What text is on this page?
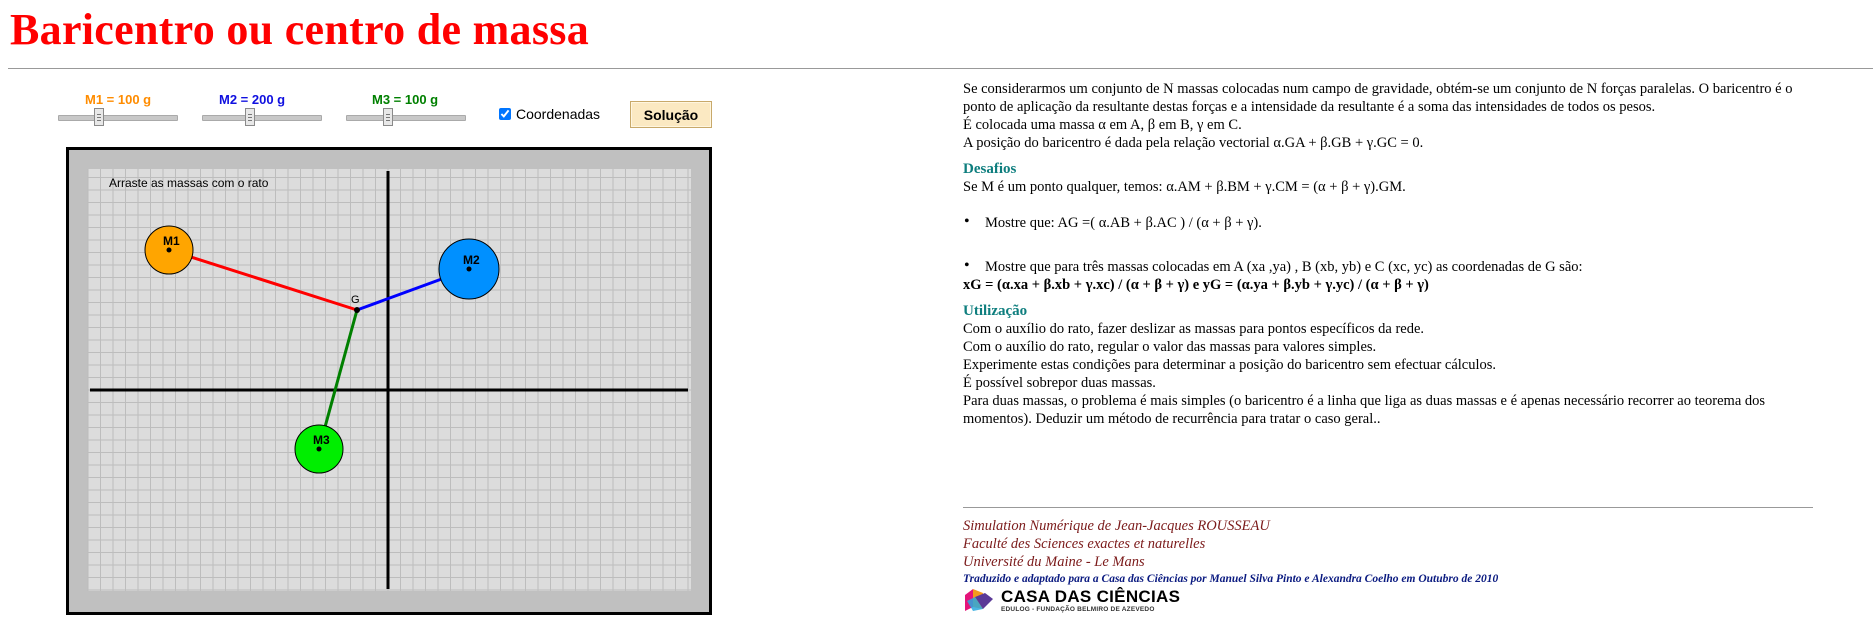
Baricentro ou centro de massa
M1 = 100 g	M2 = 200 g	M3 = 100 g
Coordenadas	Solução
Arraste as massas com o rato
M1
M2
M3
G

Se considerarmos um conjunto de N massas colocadas num campo de gravidade, obtém-se um conjunto de N forças paralelas. O baricentro é o ponto de aplicação da resultante destas forças e a intensidade da resultante é a soma das intensidades de todos os pesos.

É colocada uma massa α em A, β em B, γ em C.

A posição do baricentro é dada pela relação vectorial α.GA + β.GB + γ.GC = 0.

Desafios

Se M é um ponto qualquer, temos: α.AM + β.BM + γ.CM = (α + β + γ).GM.

• Mostre que: AG =( α.AB + β.AC ) / (α + β + γ).

• Mostre que para três massas colocadas em A (xa ,ya) , B (xb, yb) e C (xc, yc) as coordenadas de G são:

xG = (α.xa + β.xb + γ.xc) / (α + β + γ) e yG = (α.ya + β.yb + γ.yc) / (α + β + γ)

Utilização

Com o auxílio do rato, fazer deslizar as massas para pontos específicos da rede.

Com o auxílio do rato, regular o valor das massas para valores simples.

Experimente estas condições para determinar a posição do baricentro sem efectuar cálculos.

É possível sobrepor duas massas.

Para duas massas, o problema é mais simples (o baricentro é a linha que liga as duas massas e é apenas necessário recorrer ao teorema dos momentos). Deduzir um método de recurrência para tratar o caso geral..

Simulation Numérique de Jean-Jacques ROUSSEAU

Faculté des Sciences exactes et naturelles

Université du Maine - Le Mans

Traduzido e adaptado para a Casa das Ciências por Manuel Silva Pinto e Alexandra Coelho em Outubro de 2010

CASA DAS CIÊNCIAS
EDULOG - FUNDAÇÃO BELMIRO DE AZEVEDO
